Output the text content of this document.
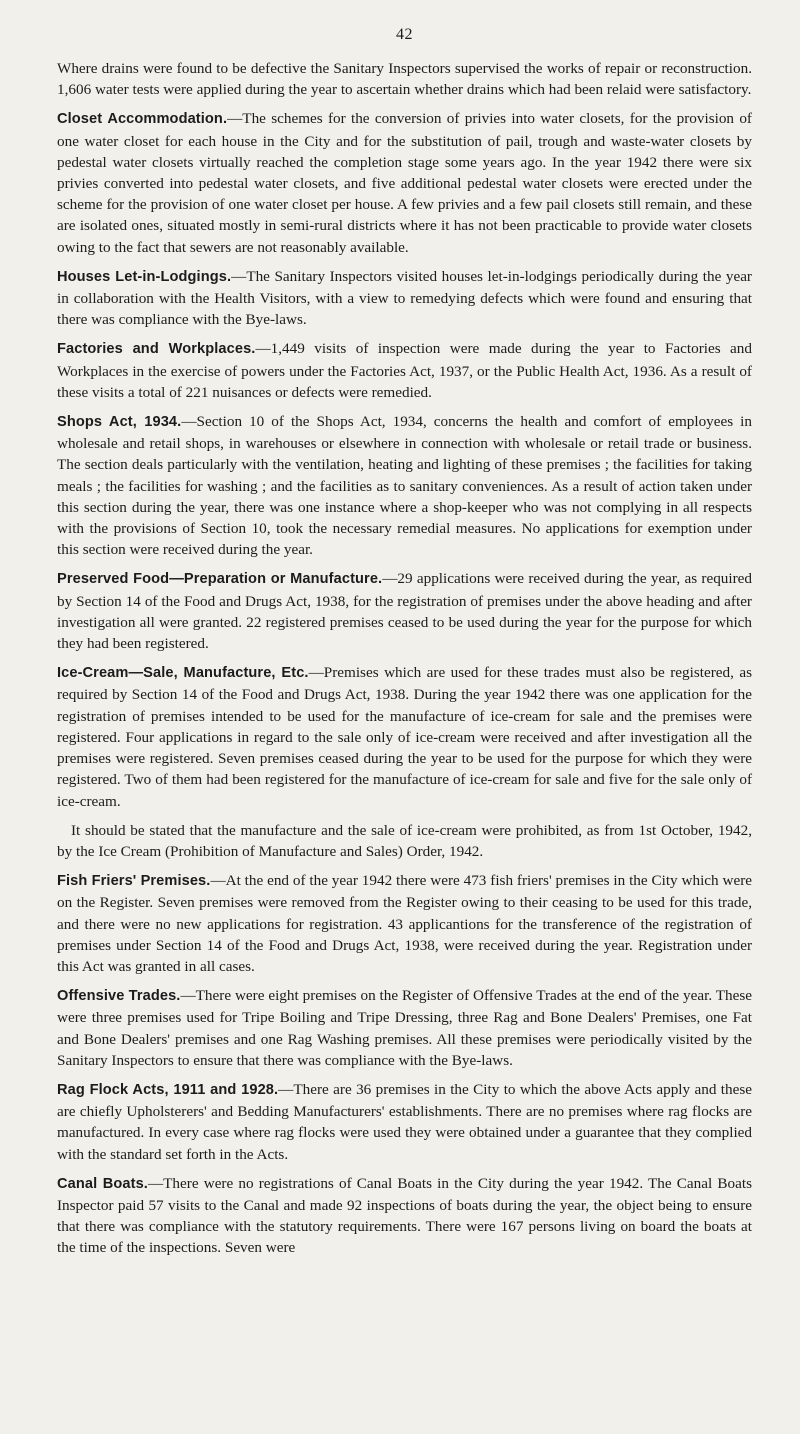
42

Where drains were found to be defective the Sanitary Inspectors supervised the works of repair or reconstruction. 1,606 water tests were applied during the year to ascertain whether drains which had been relaid were satisfactory.

Closet Accommodation.—The schemes for the conversion of privies into water closets, for the provision of one water closet for each house in the City and for the substitution of pail, trough and waste-water closets by pedestal water closets virtually reached the completion stage some years ago. In the year 1942 there were six privies converted into pedestal water closets, and five additional pedestal water closets were erected under the scheme for the provision of one water closet per house. A few privies and a few pail closets still remain, and these are isolated ones, situated mostly in semi-rural districts where it has not been practicable to provide water closets owing to the fact that sewers are not reasonably available.

Houses Let-in-Lodgings.—The Sanitary Inspectors visited houses let-in-lodgings periodically during the year in collaboration with the Health Visitors, with a view to remedying defects which were found and ensuring that there was compliance with the Bye-laws.

Factories and Workplaces.—1,449 visits of inspection were made during the year to Factories and Workplaces in the exercise of powers under the Factories Act, 1937, or the Public Health Act, 1936. As a result of these visits a total of 221 nuisances or defects were remedied.

Shops Act, 1934.—Section 10 of the Shops Act, 1934, concerns the health and comfort of employees in wholesale and retail shops, in warehouses or elsewhere in connection with wholesale or retail trade or business. The section deals particularly with the ventilation, heating and lighting of these premises ; the facilities for taking meals ; the facilities for washing ; and the facilities as to sanitary conveniences. As a result of action taken under this section during the year, there was one instance where a shop-keeper who was not complying in all respects with the provisions of Section 10, took the necessary remedial measures. No applications for exemption under this section were received during the year.

Preserved Food—Preparation or Manufacture.—29 applications were received during the year, as required by Section 14 of the Food and Drugs Act, 1938, for the registration of premises under the above heading and after investigation all were granted. 22 registered premises ceased to be used during the year for the purpose for which they had been registered.

Ice-Cream—Sale, Manufacture, Etc.—Premises which are used for these trades must also be registered, as required by Section 14 of the Food and Drugs Act, 1938. During the year 1942 there was one application for the registration of premises intended to be used for the manufacture of ice-cream for sale and the premises were registered. Four applications in regard to the sale only of ice-cream were received and after investigation all the premises were registered. Seven premises ceased during the year to be used for the purpose for which they were registered. Two of them had been registered for the manufacture of ice-cream for sale and five for the sale only of ice-cream.

It should be stated that the manufacture and the sale of ice-cream were prohibited, as from 1st October, 1942, by the Ice Cream (Prohibition of Manufacture and Sales) Order, 1942.

Fish Friers' Premises.—At the end of the year 1942 there were 473 fish friers' premises in the City which were on the Register. Seven premises were removed from the Register owing to their ceasing to be used for this trade, and there were no new applications for registration. 43 applicantions for the transference of the registration of premises under Section 14 of the Food and Drugs Act, 1938, were received during the year. Registration under this Act was granted in all cases.

Offensive Trades.—There were eight premises on the Register of Offensive Trades at the end of the year. These were three premises used for Tripe Boiling and Tripe Dressing, three Rag and Bone Dealers' Premises, one Fat and Bone Dealers' premises and one Rag Washing premises. All these premises were periodically visited by the Sanitary Inspectors to ensure that there was compliance with the Bye-laws.

Rag Flock Acts, 1911 and 1928.—There are 36 premises in the City to which the above Acts apply and these are chiefly Upholsterers' and Bedding Manufacturers' establishments. There are no premises where rag flocks are manufactured. In every case where rag flocks were used they were obtained under a guarantee that they complied with the standard set forth in the Acts.

Canal Boats.—There were no registrations of Canal Boats in the City during the year 1942. The Canal Boats Inspector paid 57 visits to the Canal and made 92 inspections of boats during the year, the object being to ensure that there was compliance with the statutory requirements. There were 167 persons living on board the boats at the time of the inspections. Seven were
